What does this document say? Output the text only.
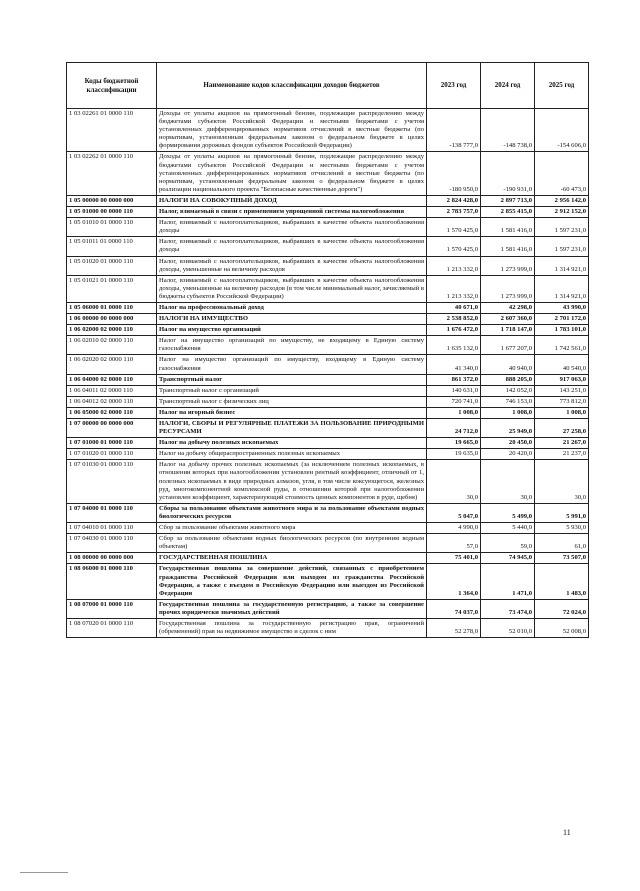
Коды бюджетной классификации	Наименование кодов классификации доходов бюджетов	2023 год	2024 год	2025 год
1 03 02261 01 0000 110	Доходы от уплаты акцизов на прямогонный бензин, подлежащие распределению между бюджетами субъектов Российской Федерации и местными бюджетами с учетом установленных дифференцированных нормативов отчислений в местные бюджеты (по нормативам, установленным федеральным законом о федеральном бюджете в целях формирования дорожных фондов субъектов Российской Федерации)	-138 777,0	-148 738,0	-154 606,0
1 03 02262 01 0000 110	Доходы от уплаты акцизов на прямогонный бензин, подлежащие распределению между бюджетами субъектов Российской Федерации и местными бюджетами с учетом установленных дифференцированных нормативов отчислений в местные бюджеты (по нормативам, установленным федеральным законом о федеральном бюджете в целях реализации национального проекта "Безопасные качественные дороги")	-180 950,0	-190 931,0	-60 473,0
1 05 00000 00 0000 000	НАЛОГИ НА СОВОКУПНЫЙ ДОХОД	2 824 428,0	2 897 713,0	2 956 142,0
1 05 01000 00 0000 110	Налог, взимаемый в связи с применением упрощенной системы налогообложения	2 783 757,0	2 855 415,0	2 912 152,0
1 05 01010 01 0000 110	Налог, взимаемый с налогоплательщиков, выбравших в качестве объекта налогообложения доходы	1 570 425,0	1 581 416,0	1 597 231,0
1 05 01011 01 0000 110	Налог, взимаемый с налогоплательщиков, выбравших в качестве объекта налогообложения доходы	1 570 425,0	1 581 416,0	1 597 231,0
1 05 01020 01 0000 110	Налог, взимаемый с налогоплательщиков, выбравших в качестве объекта налогообложения доходы, уменьшенные на величину расходов	1 213 332,0	1 273 999,0	1 314 921,0
1 05 01021 01 0000 110	Налог, взимаемый с налогоплательщиков, выбравших в качестве объекта налогообложения доходы, уменьшенные на величину расходов (в том числе минимальный налог, зачисляемый в бюджеты субъектов Российской Федерации)	1 213 332,0	1 273 999,0	1 314 921,0
1 05 06000 01 0000 110	Налог на профессиональный доход	40 671,0	42 298,0	43 990,0
1 06 00000 00 0000 000	НАЛОГИ НА ИМУЩЕСТВО	2 538 852,0	2 607 360,0	2 701 172,0
1 06 02000 02 0000 110	Налог на имущество организаций	1 676 472,0	1 718 147,0	1 783 101,0
1 06 02010 02 0000 110	Налог на имущество организаций по имуществу, не входящему в Единую систему газоснабжения	1 635 132,0	1 677 207,0	1 742 561,0
1 06 02020 02 0000 110	Налог на имущество организаций по имуществу, входящему в Единую систему газоснабжения	41 340,0	40 940,0	40 540,0
1 06 04000 02 0000 110	Транспортный налог	861 372,0	888 205,0	917 063,0
1 06 04011 02 0000 110	Транспортный налог с организаций	140 631,0	142 052,0	143 251,0
1 06 04012 02 0000 110	Транспортный налог с физических лиц	720 741,0	746 153,0	773 812,0
1 06 05000 02 0000 110	Налог на игорный бизнес	1 008,0	1 008,0	1 008,0
1 07 00000 00 0000 000	НАЛОГИ, СБОРЫ И РЕГУЛЯРНЫЕ ПЛАТЕЖИ ЗА ПОЛЬЗОВАНИЕ ПРИРОДНЫМИ РЕСУРСАМИ	24 712,0	25 949,0	27 258,0
1 07 01000 01 0000 110	Налог на добычу полезных ископаемых	19 665,0	20 450,0	21 267,0
1 07 01020 01 0000 110	Налог на добычу общераспространенных полезных ископаемых	19 635,0	20 420,0	21 237,0
1 07 01030 01 0000 110	Налог на добычу прочих полезных ископаемых (за исключением полезных ископаемых, в отношении которых при налогообложении установлен рентный коэффициент, отличный от 1, полезных ископаемых в виде природных алмазов, угля, в том числе коксующегося, железных руд, многокомпонентной комплексной руды, в отношении которой при налогообложении установлен коэффициент, характеризующий стоимость ценных компонентов в руде, щебня)	30,0	30,0	30,0
1 07 04000 01 0000 110	Сборы за пользование объектами животного мира и за пользование объектами водных биологических ресурсов	5 047,0	5 499,0	5 991,0
1 07 04010 01 0000 110	Сбор за пользование объектами животного мира	4 990,0	5 440,0	5 930,0
1 07 04030 01 0000 110	Сбор за пользование объектами водных биологических ресурсов (по внутренним водным объектам)	57,0	59,0	61,0
1 08 00000 00 0000 000	ГОСУДАРСТВЕННАЯ ПОШЛИНА	75 401,0	74 945,0	73 507,0
1 08 06000 01 0000 110	Государственная пошлина за совершение действий, связанных с приобретением гражданства Российской Федерации или выходом из гражданства Российской Федерации, а также с въездом в Российскую Федерацию или выездом из Российской Федерации	1 364,0	1 471,0	1 483,0
1 08 07000 01 0000 110	Государственная пошлина за государственную регистрацию, а также за совершение прочих юридически значимых действий	74 037,0	73 474,0	72 024,0
1 08 07020 01 0000 110	Государственная пошлина за государственную регистрацию прав, ограничений (обременений) прав на недвижимое имущество и сделок с ним	52 278,0	52 010,0	52 008,0
11
